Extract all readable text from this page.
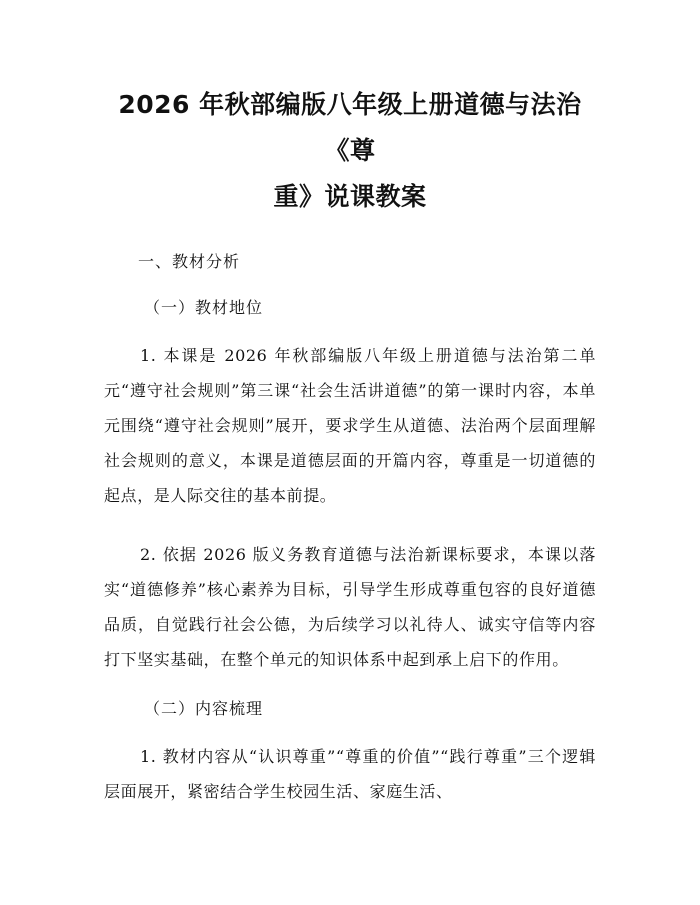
2026 年秋部编版八年级上册道德与法治《尊
重》说课教案
一、教材分析
（一）教材地位

1. 本课是 2026 年秋部编版八年级上册道德与法治第二单元“遵守社会规则”第三课“社会生活讲道德”的第一课时内容，本单元围绕“遵守社会规则”展开，要求学生从道德、法治两个层面理解社会规则的意义，本课是道德层面的开篇内容，尊重是一切道德的起点，是人际交往的基本前提。

2. 依据 2026 版义务教育道德与法治新课标要求，本课以落实“道德修养”核心素养为目标，引导学生形成尊重包容的良好道德品质，自觉践行社会公德，为后续学习以礼待人、诚实守信等内容打下坚实基础，在整个单元的知识体系中起到承上启下的作用。

（二）内容梳理

1. 教材内容从“认识尊重”“尊重的价值”“践行尊重”三个逻辑层面展开，紧密结合学生校园生活、家庭生活、
